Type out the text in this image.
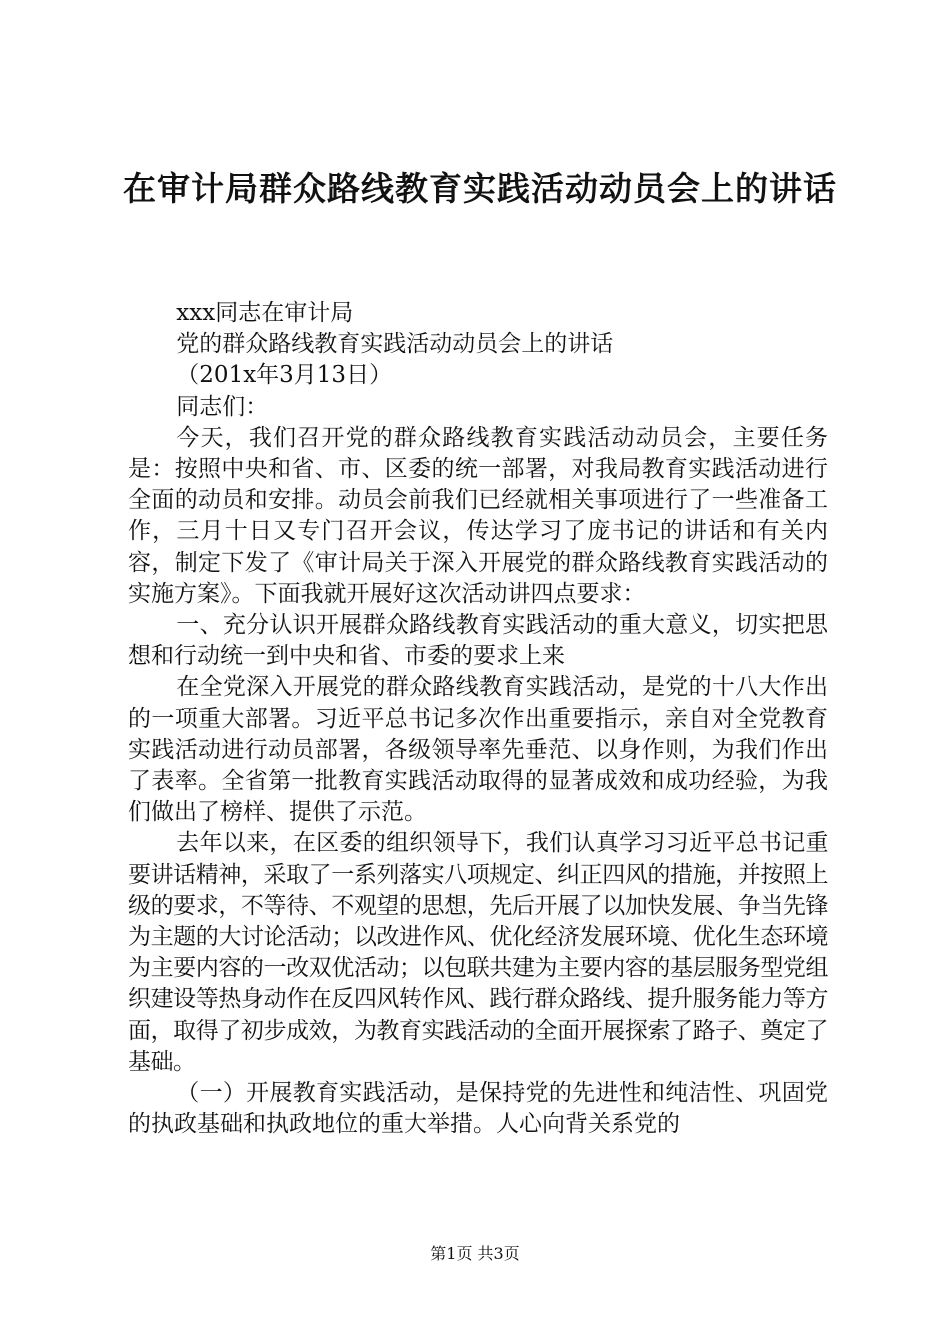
在审计局群众路线教育实践活动动员会上的讲话

xxx同志在审计局

党的群众路线教育实践活动动员会上的讲话

（201x年3月13日）

同志们：

今天，我们召开党的群众路线教育实践活动动员会，主要任务是：按照中央和省、市、区委的统一部署，对我局教育实践活动进行全面的动员和安排。动员会前我们已经就相关事项进行了一些准备工作，三月十日又专门召开会议，传达学习了庞书记的讲话和有关内容，制定下发了《审计局关于深入开展党的群众路线教育实践活动的实施方案》。下面我就开展好这次活动讲四点要求：

一、充分认识开展群众路线教育实践活动的重大意义，切实把思想和行动统一到中央和省、市委的要求上来

在全党深入开展党的群众路线教育实践活动，是党的十八大作出的一项重大部署。习近平总书记多次作出重要指示，亲自对全党教育实践活动进行动员部署，各级领导率先垂范、以身作则，为我们作出了表率。全省第一批教育实践活动取得的显著成效和成功经验，为我们做出了榜样、提供了示范。

去年以来，在区委的组织领导下，我们认真学习习近平总书记重要讲话精神，采取了一系列落实八项规定、纠正四风的措施，并按照上级的要求，不等待、不观望的思想，先后开展了以加快发展、争当先锋为主题的大讨论活动；以改进作风、优化经济发展环境、优化生态环境为主要内容的一改双优活动；以包联共建为主要内容的基层服务型党组织建设等热身动作在反四风转作风、践行群众路线、提升服务能力等方面，取得了初步成效，为教育实践活动的全面开展探索了路子、奠定了基础。

（一）开展教育实践活动，是保持党的先进性和纯洁性、巩固党的执政基础和执政地位的重大举措。人心向背关系党的

第1页 共3页
